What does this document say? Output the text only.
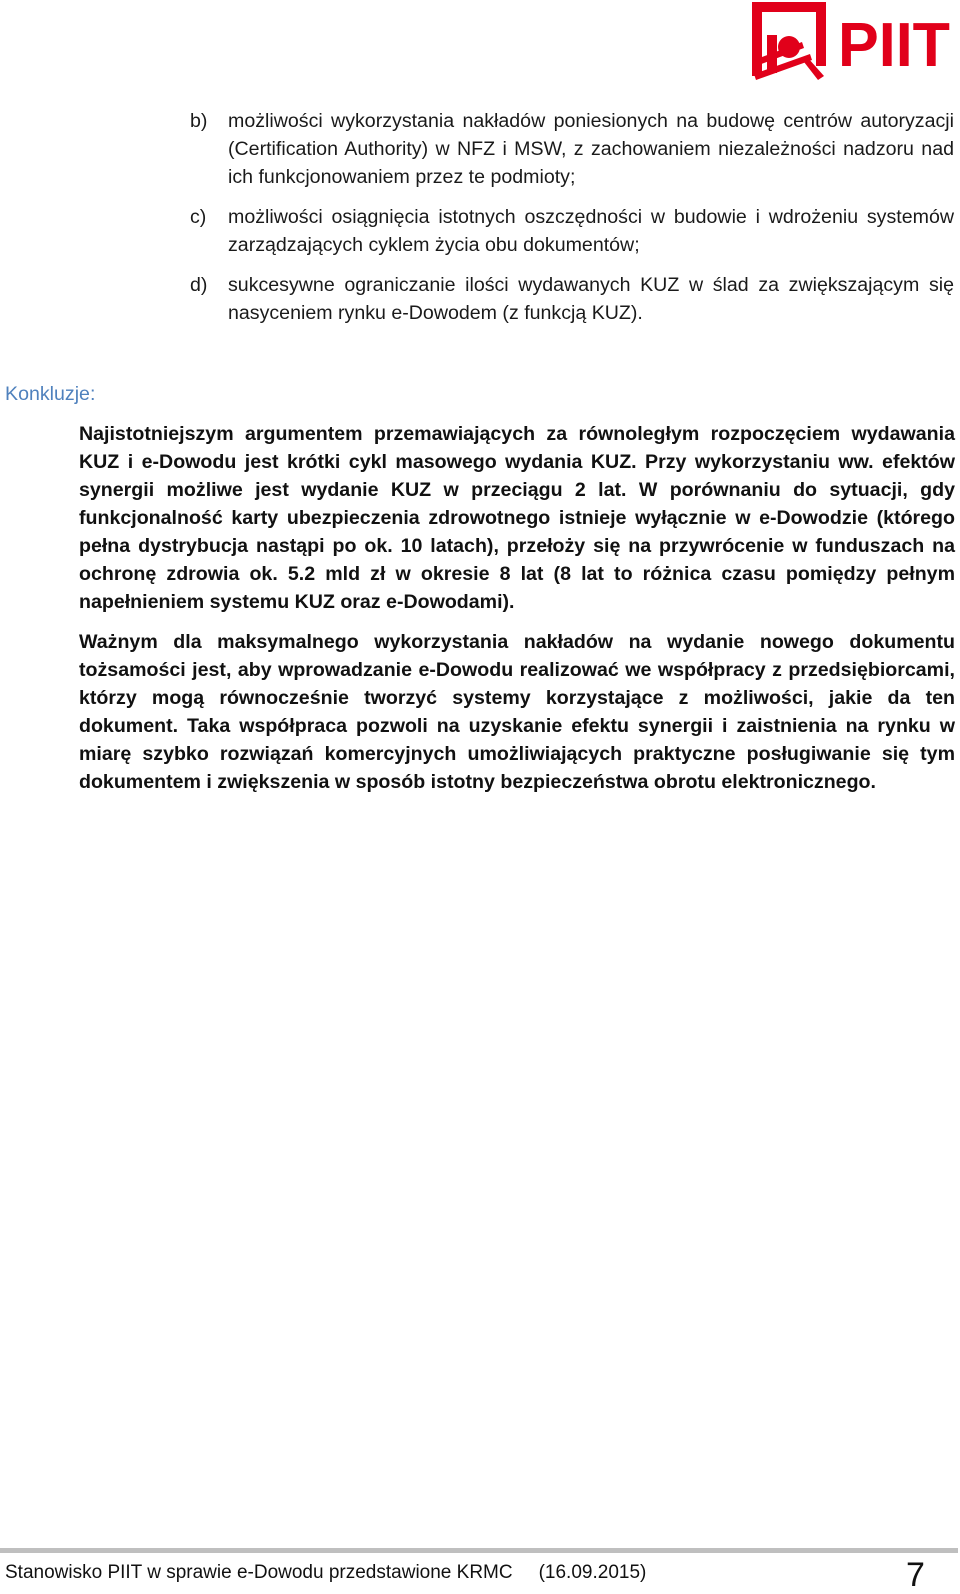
PIIT
b) możliwości wykorzystania nakładów poniesionych na budowę centrów autoryzacji (Certification Authority) w NFZ i MSW, z zachowaniem niezależności nadzoru nad ich funkcjonowaniem przez te podmioty;
c) możliwości osiągnięcia istotnych oszczędności w budowie i wdrożeniu systemów zarządzających cyklem życia obu dokumentów;
d) sukcesywne ograniczanie ilości wydawanych KUZ w ślad za zwiększającym się nasyceniem rynku e-Dowodem (z funkcją KUZ).
Konkluzje:
Najistotniejszym argumentem przemawiających za równoległym rozpoczęciem wydawania KUZ i e-Dowodu jest krótki cykl masowego wydania KUZ. Przy wykorzystaniu ww. efektów synergii możliwe jest wydanie KUZ w przeciągu 2 lat. W porównaniu do sytuacji, gdy funkcjonalność karty ubezpieczenia zdrowotnego istnieje wyłącznie w e-Dowodzie (którego pełna dystrybucja nastąpi po ok. 10 latach), przełoży się na przywrócenie w funduszach na ochronę zdrowia ok. 5.2 mld zł w okresie 8 lat (8 lat to różnica czasu pomiędzy pełnym napełnieniem systemu KUZ oraz e-Dowodami).
Ważnym dla maksymalnego wykorzystania nakładów na wydanie nowego dokumentu tożsamości jest, aby wprowadzanie e-Dowodu realizować we współpracy z przedsiębiorcami, którzy mogą równocześnie tworzyć systemy korzystające z możliwości, jakie da ten dokument. Taka współpraca pozwoli na uzyskanie efektu synergii i zaistnienia na rynku w miarę szybko rozwiązań komercyjnych umożliwiających praktyczne posługiwanie się tym dokumentem i zwiększenia w sposób istotny bezpieczeństwa obrotu elektronicznego.
Stanowisko PIIT w sprawie e-Dowodu przedstawione KRMC (16.09.2015)	7
